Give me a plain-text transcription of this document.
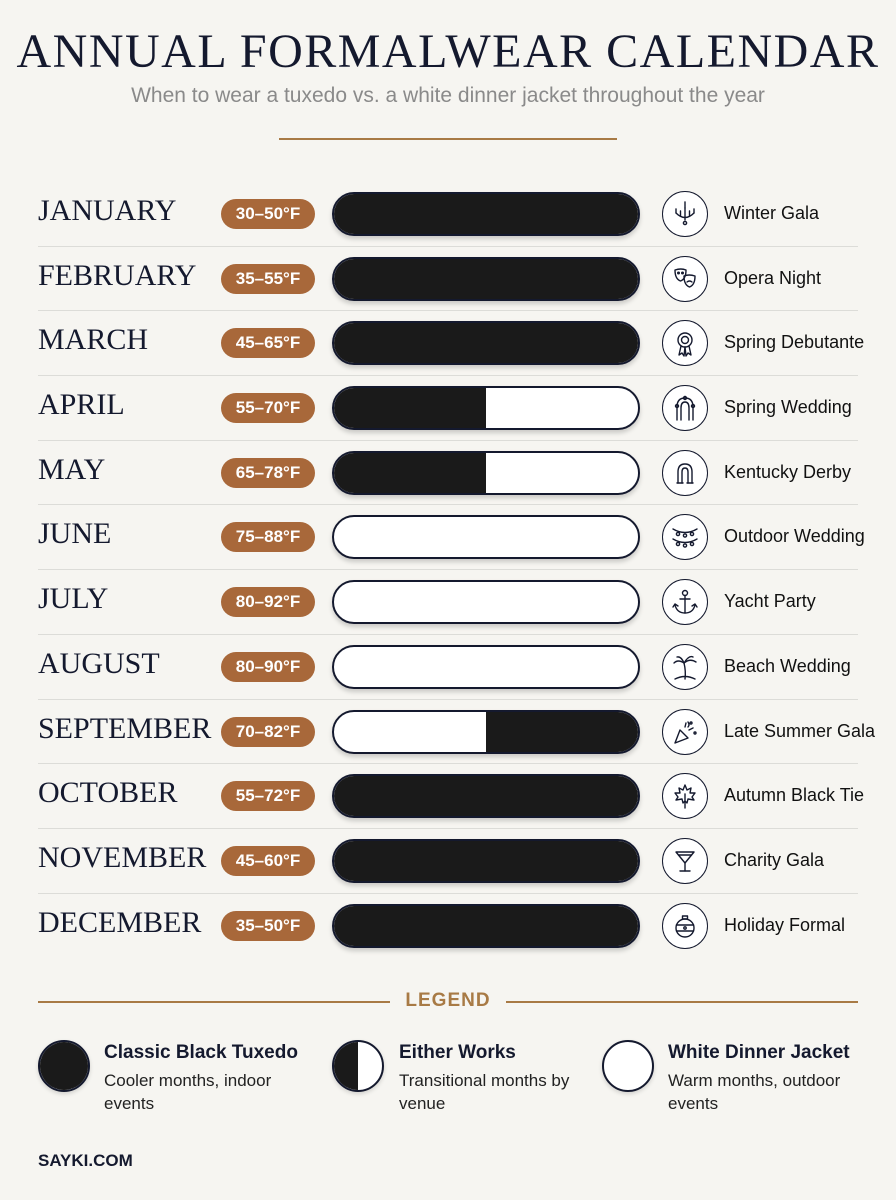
ANNUAL FORMALWEAR CALENDAR
When to wear a tuxedo vs. a white dinner jacket throughout the year
JANUARY	30–50°F	Winter Gala
FEBRUARY	35–55°F	Opera Night
MARCH	45–65°F	Spring Debutante
APRIL	55–70°F	Spring Wedding
MAY	65–78°F	Kentucky Derby
JUNE	75–88°F	Outdoor Wedding
JULY	80–92°F	Yacht Party
AUGUST	80–90°F	Beach Wedding
SEPTEMBER	70–82°F	Late Summer Gala
OCTOBER	55–72°F	Autumn Black Tie
NOVEMBER	45–60°F	Charity Gala
DECEMBER	35–50°F	Holiday Formal
LEGEND
Classic Black Tuxedo
Cooler months, indoor events
Either Works
Transitional months by venue
White Dinner Jacket
Warm months, outdoor events
SAYKI.COM
